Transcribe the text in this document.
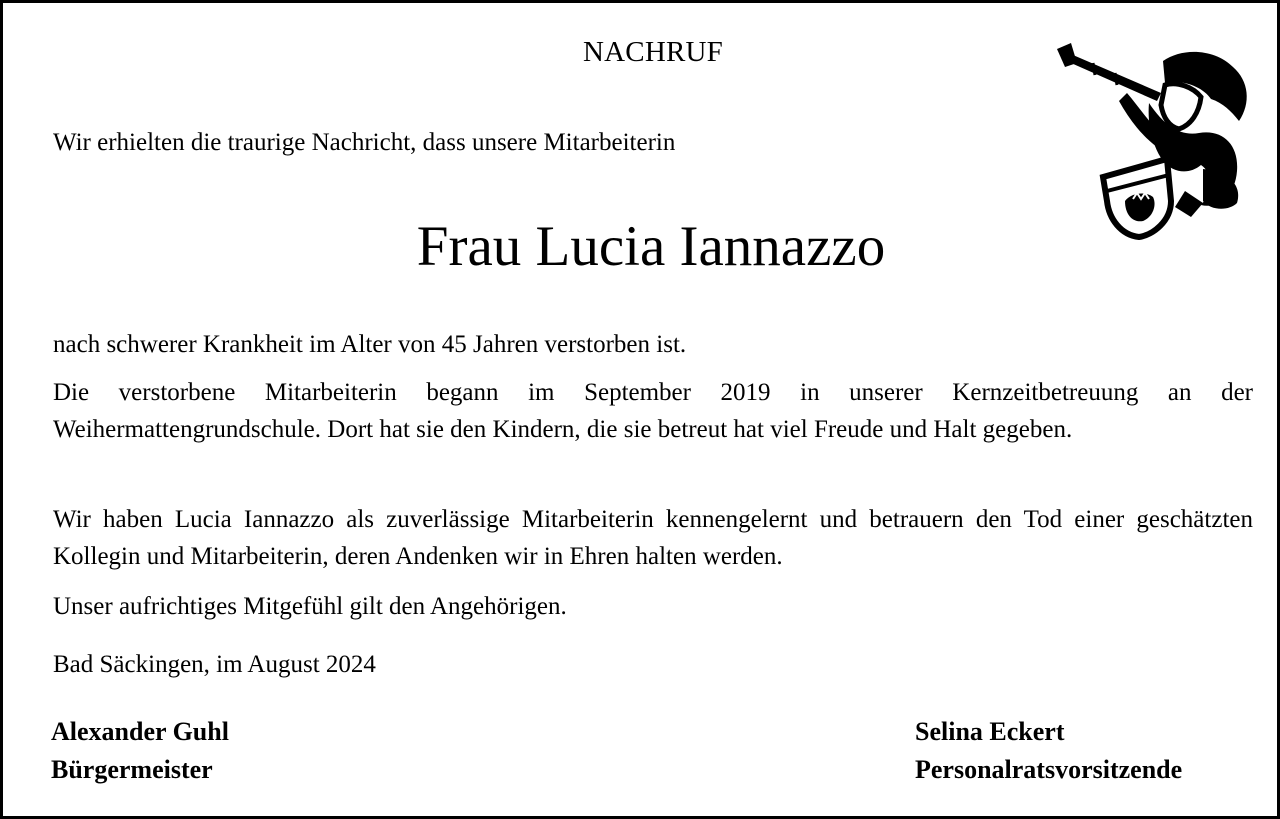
NACHRUF
Wir erhielten die traurige Nachricht, dass unsere Mitarbeiterin
Frau Lucia Iannazzo
nach schwerer Krankheit im Alter von 45 Jahren verstorben ist.
Die verstorbene Mitarbeiterin begann im September 2019 in unserer Kernzeitbetreuung an der Weihermattengrundschule. Dort hat sie den Kindern, die sie betreut hat viel Freude und Halt gegeben.
Wir haben Lucia Iannazzo als zuverlässige Mitarbeiterin kennengelernt und betrauern den Tod einer geschätzten Kollegin und Mitarbeiterin, deren Andenken wir in Ehren halten werden.
Unser aufrichtiges Mitgefühl gilt den Angehörigen.
Bad Säckingen, im August 2024
Alexander Guhl
Bürgermeister
Selina Eckert
Personalratsvorsitzende
